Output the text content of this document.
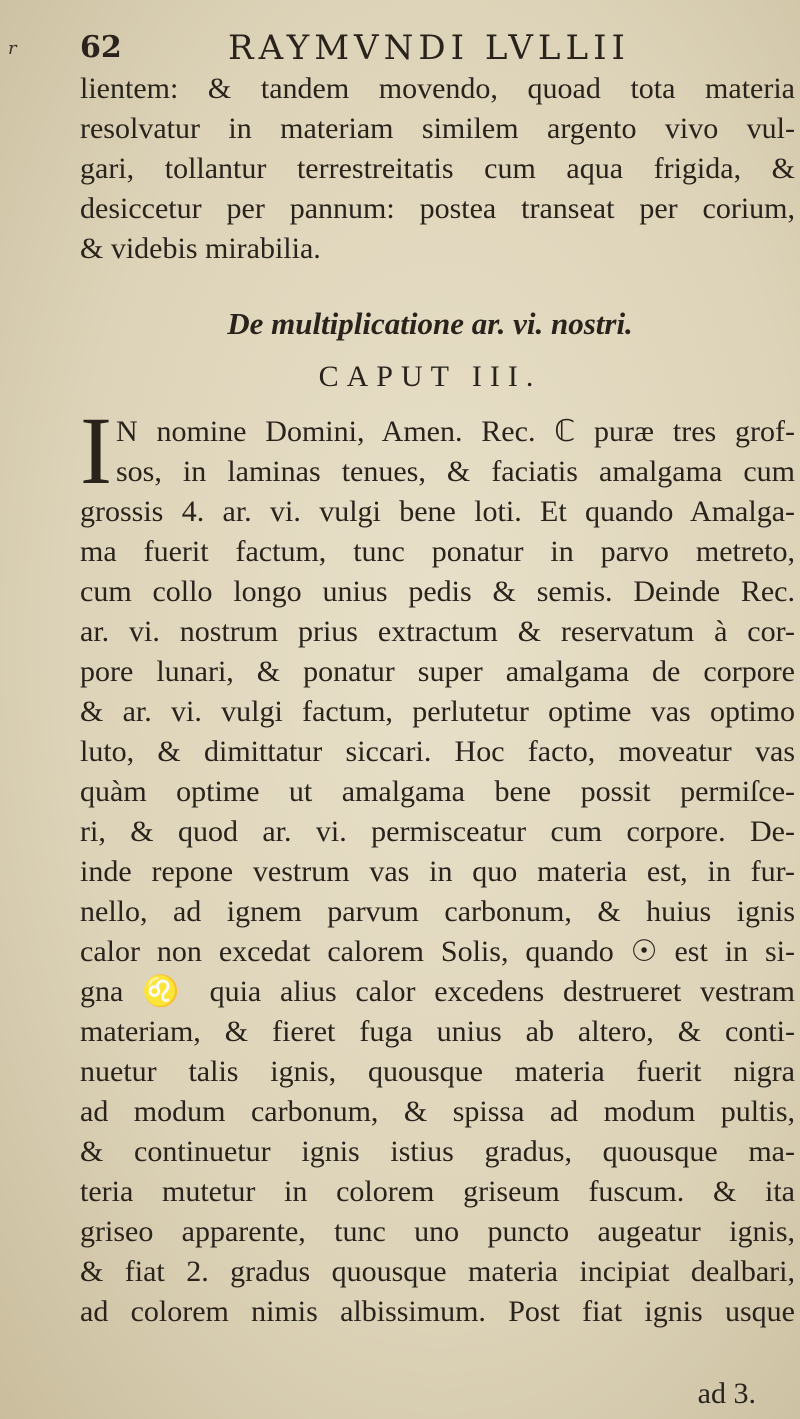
r 62	RAYMVNDI LVLLII
lientem: & tandem movendo, quoad tota materia
resolvatur in materiam similem argento vivo vul-
gari, tollantur terrestreitatis cum aqua frigida, &
desiccetur per pannum: postea transeat per corium,
& videbis mirabilia.
De multiplicatione ar. vi. nostri.
CAPUT III.
I N nomine Domini, Amen. Rec. ℂ puræ tres grof-
sos, in laminas tenues, & faciatis amalgama cum
grossis 4. ar. vi. vulgi bene loti. Et quando Amalga-
ma fuerit factum, tunc ponatur in parvo metreto,
cum collo longo unius pedis & semis. Deinde Rec.
ar. vi. nostrum prius extractum & reservatum à cor-
pore lunari, & ponatur super amalgama de corpore
& ar. vi. vulgi factum, perlutetur optime vas optimo
luto, & dimittatur siccari. Hoc facto, moveatur vas
quàm optime ut amalgama bene possit permiſce-
ri, & quod ar. vi. permisceatur cum corpore. De-
inde repone vestrum vas in quo materia est, in fur-
nello, ad ignem parvum carbonum, & huius ignis
calor non excedat calorem Solis, quando ☉ est in si-
gna ♌ quia alius calor excedens destrueret vestram
materiam, & fieret fuga unius ab altero, & conti-
nuetur talis ignis, quousque materia fuerit nigra
ad modum carbonum, & spissa ad modum pultis,
& continuetur ignis istius gradus, quousque ma-
teria mutetur in colorem griseum fuscum. & ita
griseo apparente, tunc uno puncto augeatur ignis,
& fiat 2. gradus quousque materia incipiat dealbari,
ad colorem nimis albissimum. Post fiat ignis usque
ad 3.
